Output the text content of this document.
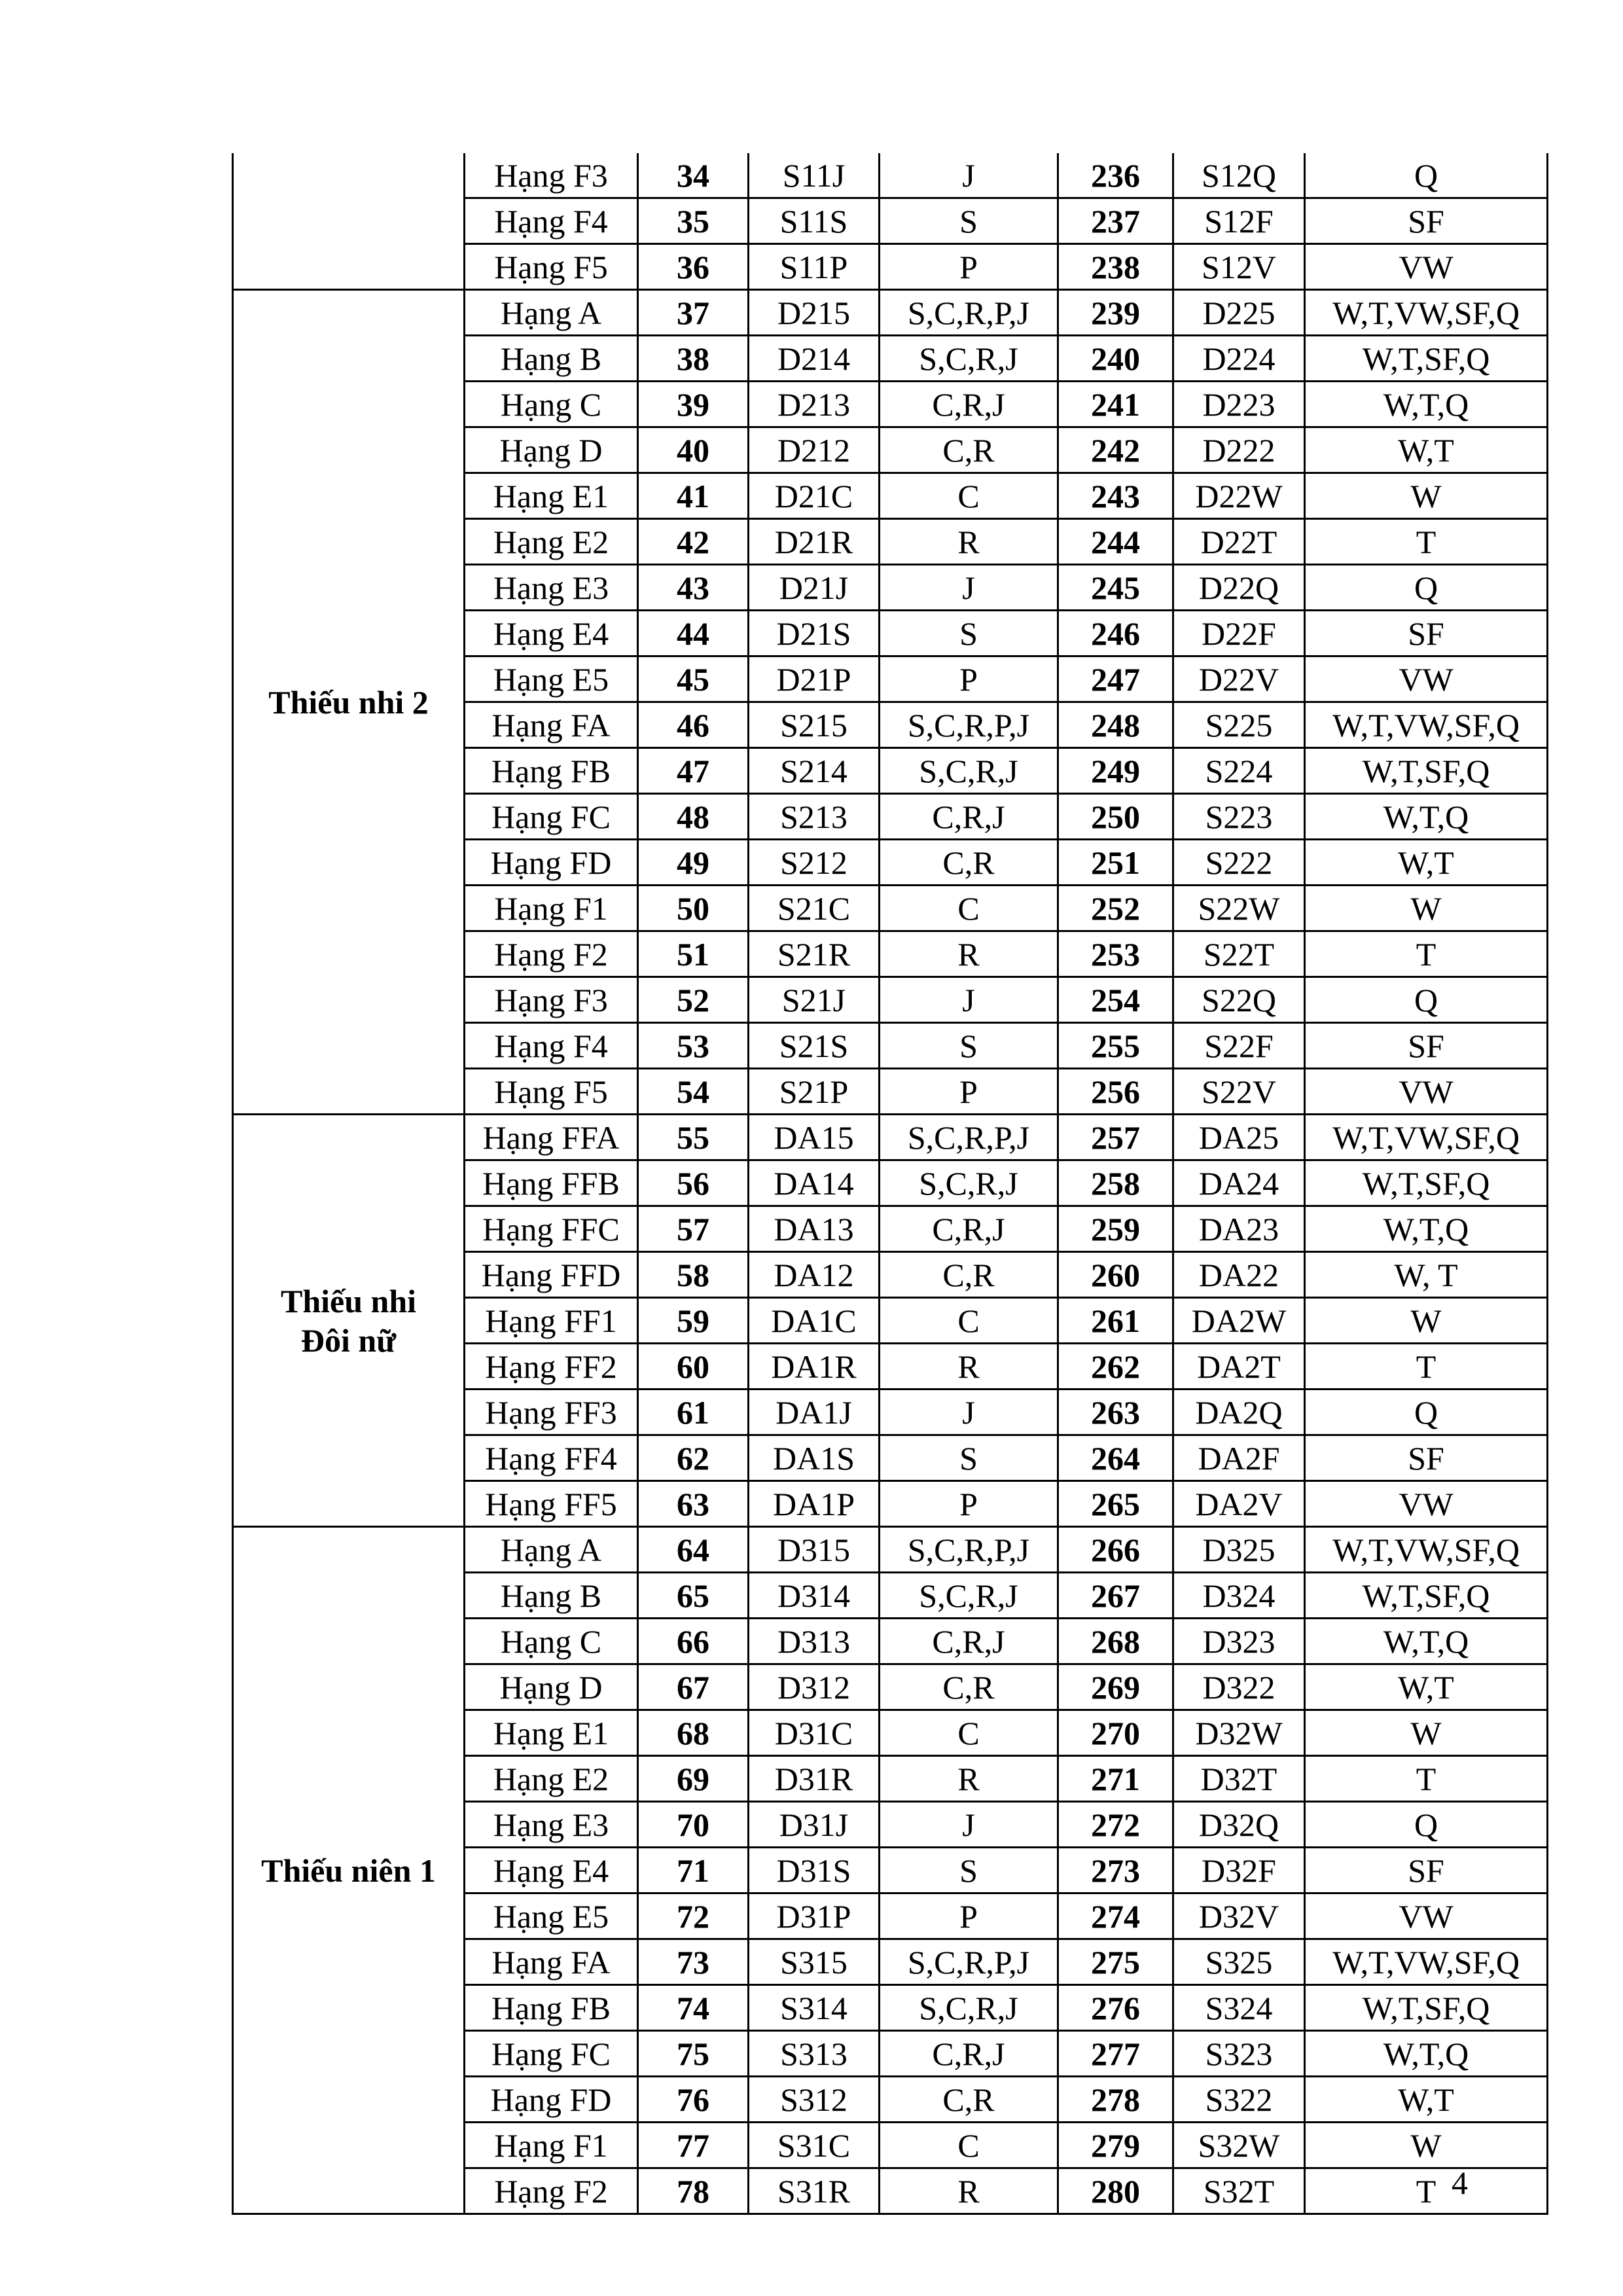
	Hạng F3	34	S11J	J	236	S12Q	Q
	Hạng F4	35	S11S	S	237	S12F	SF
	Hạng F5	36	S11P	P	238	S12V	VW

Thiếu nhi 2	Hạng A	37	D215	S,C,R,P,J	239	D225	W,T,VW,SF,Q
	Hạng B	38	D214	S,C,R,J	240	D224	W,T,SF,Q
	Hạng C	39	D213	C,R,J	241	D223	W,T,Q
	Hạng D	40	D212	C,R	242	D222	W,T
	Hạng E1	41	D21C	C	243	D22W	W
	Hạng E2	42	D21R	R	244	D22T	T
	Hạng E3	43	D21J	J	245	D22Q	Q
	Hạng E4	44	D21S	S	246	D22F	SF
	Hạng E5	45	D21P	P	247	D22V	VW
	Hạng FA	46	S215	S,C,R,P,J	248	S225	W,T,VW,SF,Q
	Hạng FB	47	S214	S,C,R,J	249	S224	W,T,SF,Q
	Hạng FC	48	S213	C,R,J	250	S223	W,T,Q
	Hạng FD	49	S212	C,R	251	S222	W,T
	Hạng F1	50	S21C	C	252	S22W	W
	Hạng F2	51	S21R	R	253	S22T	T
	Hạng F3	52	S21J	J	254	S22Q	Q
	Hạng F4	53	S21S	S	255	S22F	SF
	Hạng F5	54	S21P	P	256	S22V	VW

Thiếu nhi
Đôi nữ	Hạng FFA	55	DA15	S,C,R,P,J	257	DA25	W,T,VW,SF,Q
	Hạng FFB	56	DA14	S,C,R,J	258	DA24	W,T,SF,Q
	Hạng FFC	57	DA13	C,R,J	259	DA23	W,T,Q
	Hạng FFD	58	DA12	C,R	260	DA22	W, T
	Hạng FF1	59	DA1C	C	261	DA2W	W
	Hạng FF2	60	DA1R	R	262	DA2T	T
	Hạng FF3	61	DA1J	J	263	DA2Q	Q
	Hạng FF4	62	DA1S	S	264	DA2F	SF
	Hạng FF5	63	DA1P	P	265	DA2V	VW

Thiếu niên 1	Hạng A	64	D315	S,C,R,P,J	266	D325	W,T,VW,SF,Q
	Hạng B	65	D314	S,C,R,J	267	D324	W,T,SF,Q
	Hạng C	66	D313	C,R,J	268	D323	W,T,Q
	Hạng D	67	D312	C,R	269	D322	W,T
	Hạng E1	68	D31C	C	270	D32W	W
	Hạng E2	69	D31R	R	271	D32T	T
	Hạng E3	70	D31J	J	272	D32Q	Q
	Hạng E4	71	D31S	S	273	D32F	SF
	Hạng E5	72	D31P	P	274	D32V	VW
	Hạng FA	73	S315	S,C,R,P,J	275	S325	W,T,VW,SF,Q
	Hạng FB	74	S314	S,C,R,J	276	S324	W,T,SF,Q
	Hạng FC	75	S313	C,R,J	277	S323	W,T,Q
	Hạng FD	76	S312	C,R	278	S322	W,T
	Hạng F1	77	S31C	C	279	S32W	W
	Hạng F2	78	S31R	R	280	S32T	T 4
